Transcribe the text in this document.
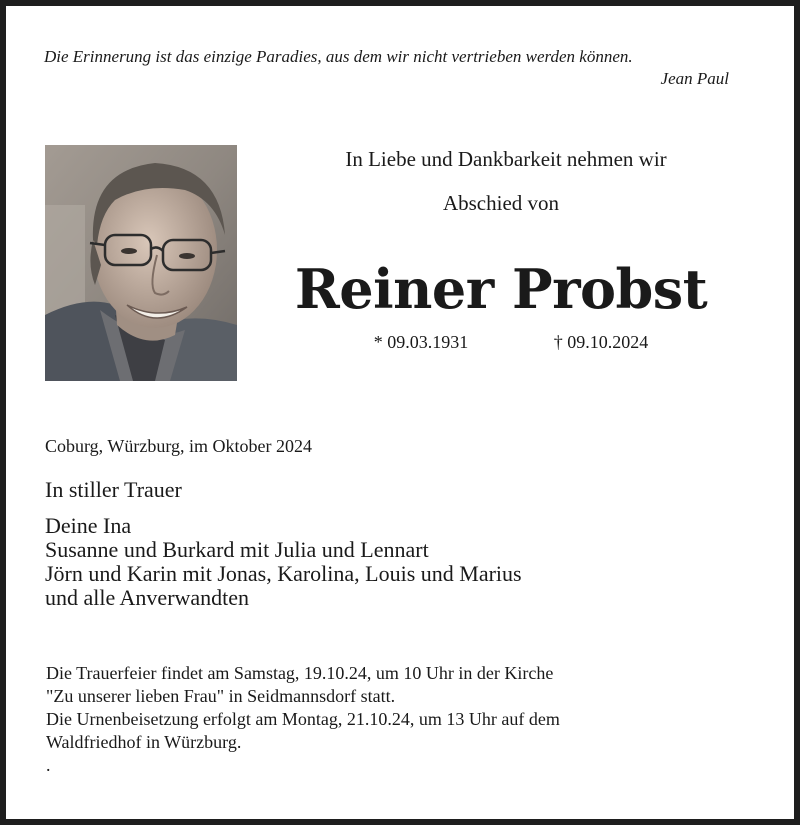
Die Erinnerung ist das einzige Paradies, aus dem wir nicht vertrieben werden können.
Jean Paul
In Liebe und Dankbarkeit nehmen wir
Abschied von
Reiner Probst
* 09.03.1931	† 09.10.2024
Coburg, Würzburg, im Oktober 2024
In stiller Trauer
Deine Ina
Susanne und Burkard mit Julia und Lennart
Jörn und Karin mit Jonas, Karolina, Louis und Marius
und alle Anverwandten
Die Trauerfeier findet am Samstag, 19.10.24, um 10 Uhr in der Kirche
"Zu unserer lieben Frau" in Seidmannsdorf statt.
Die Urnenbeisetzung erfolgt am Montag, 21.10.24, um 13 Uhr auf dem
Waldfriedhof in Würzburg.
.
